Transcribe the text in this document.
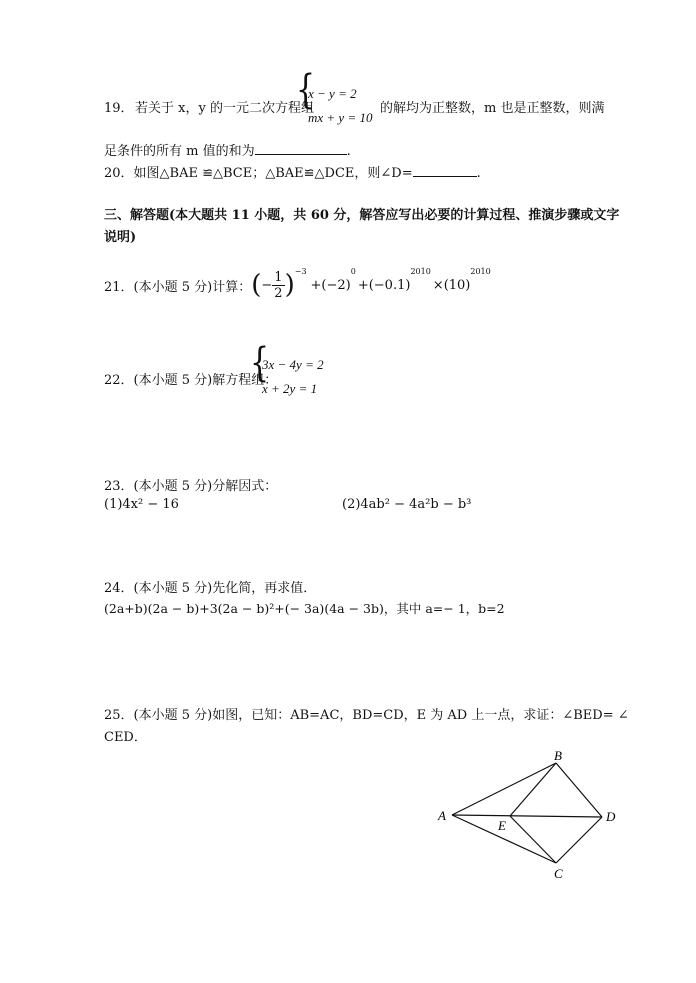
19． 若关于 x，y 的一元二次方程组
{
x − y = 2
mx + y = 10
的解均为正整数，m 也是正整数，则满
足条件的所有 m 值的和为	.
20．如图△BAE ≌△BCE；△BAE≌△DCE，则∠D=	.
三、解答题(本大题共 11 小题，共 60 分，解答应写出必要的计算过程、推演步骤或文字
说明)
21． (本小题 5 分)计算： ( − $\frac{1}{2} )^{-3}$
+(−2)
0
+(−0.1)
2010
×(10)
2010
22．(本小题 5 分)解方程组：
{
3x − 4y = 2
x + 2y = 1
23．(本小题 5 分)分解因式：
(1)4x² − 16	(2)4ab² − 4a²b − b³
24．(本小题 5 分)先化简，再求值．
(2a+b)(2a − b)+3(2a − b)²+(− 3a)(4a − 3b)，其中 a=− 1，b=2
25．(本小题 5 分)如图，已知：AB=AC，BD=CD，E 为 AD 上一点，求证：∠BED= ∠
CED．
A
B
C
D
E
